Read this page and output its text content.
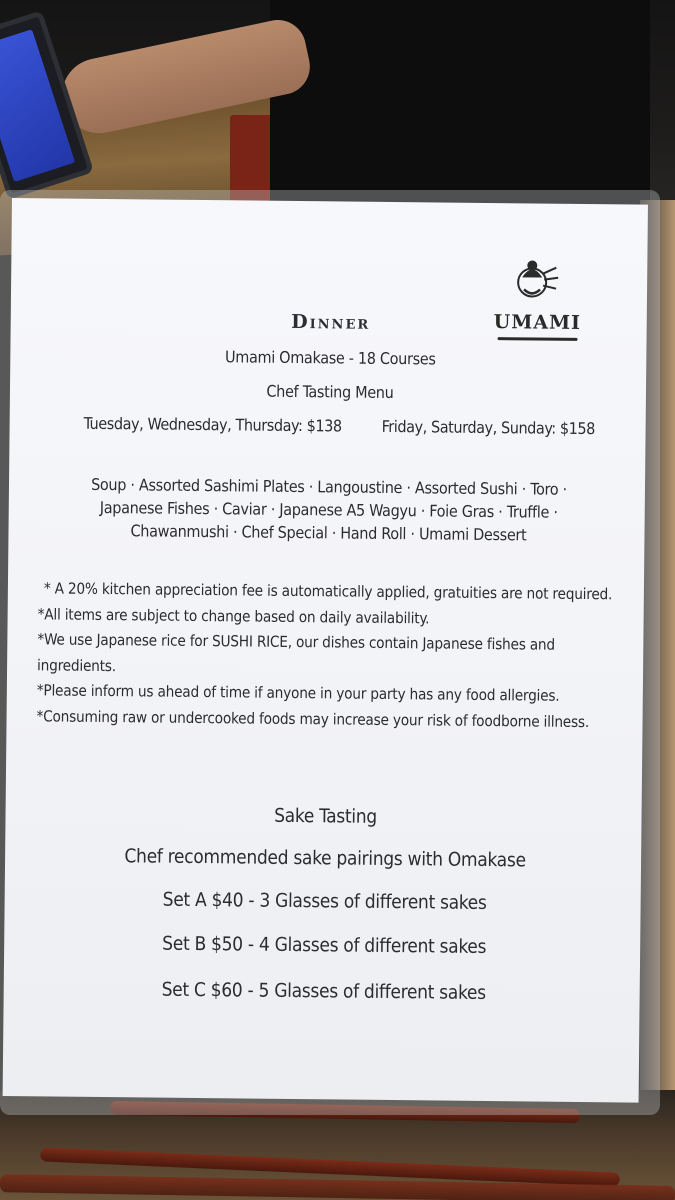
UMAMI
Dinner
Umami Omakase - 18 Courses
Chef Tasting Menu
Tuesday, Wednesday, Thursday: $138 Friday, Saturday, Sunday: $158
Soup · Assorted Sashimi Plates · Langoustine · Assorted Sushi · Toro ·
Japanese Fishes · Caviar · Japanese A5 Wagyu · Foie Gras · Truffle ·
Chawanmushi · Chef Special · Hand Roll · Umami Dessert

* A 20% kitchen appreciation fee is automatically applied, gratuities are not required.

*All items are subject to change based on daily availability.

*We use Japanese rice for SUSHI RICE, our dishes contain Japanese fishes and ingredients.

*Please inform us ahead of time if anyone in your party has any food allergies.

*Consuming raw or undercooked foods may increase your risk of foodborne illness.

Sake Tasting
Chef recommended sake pairings with Omakase
Set A $40 - 3 Glasses of different sakes
Set B $50 - 4 Glasses of different sakes
Set C $60 - 5 Glasses of different sakes
